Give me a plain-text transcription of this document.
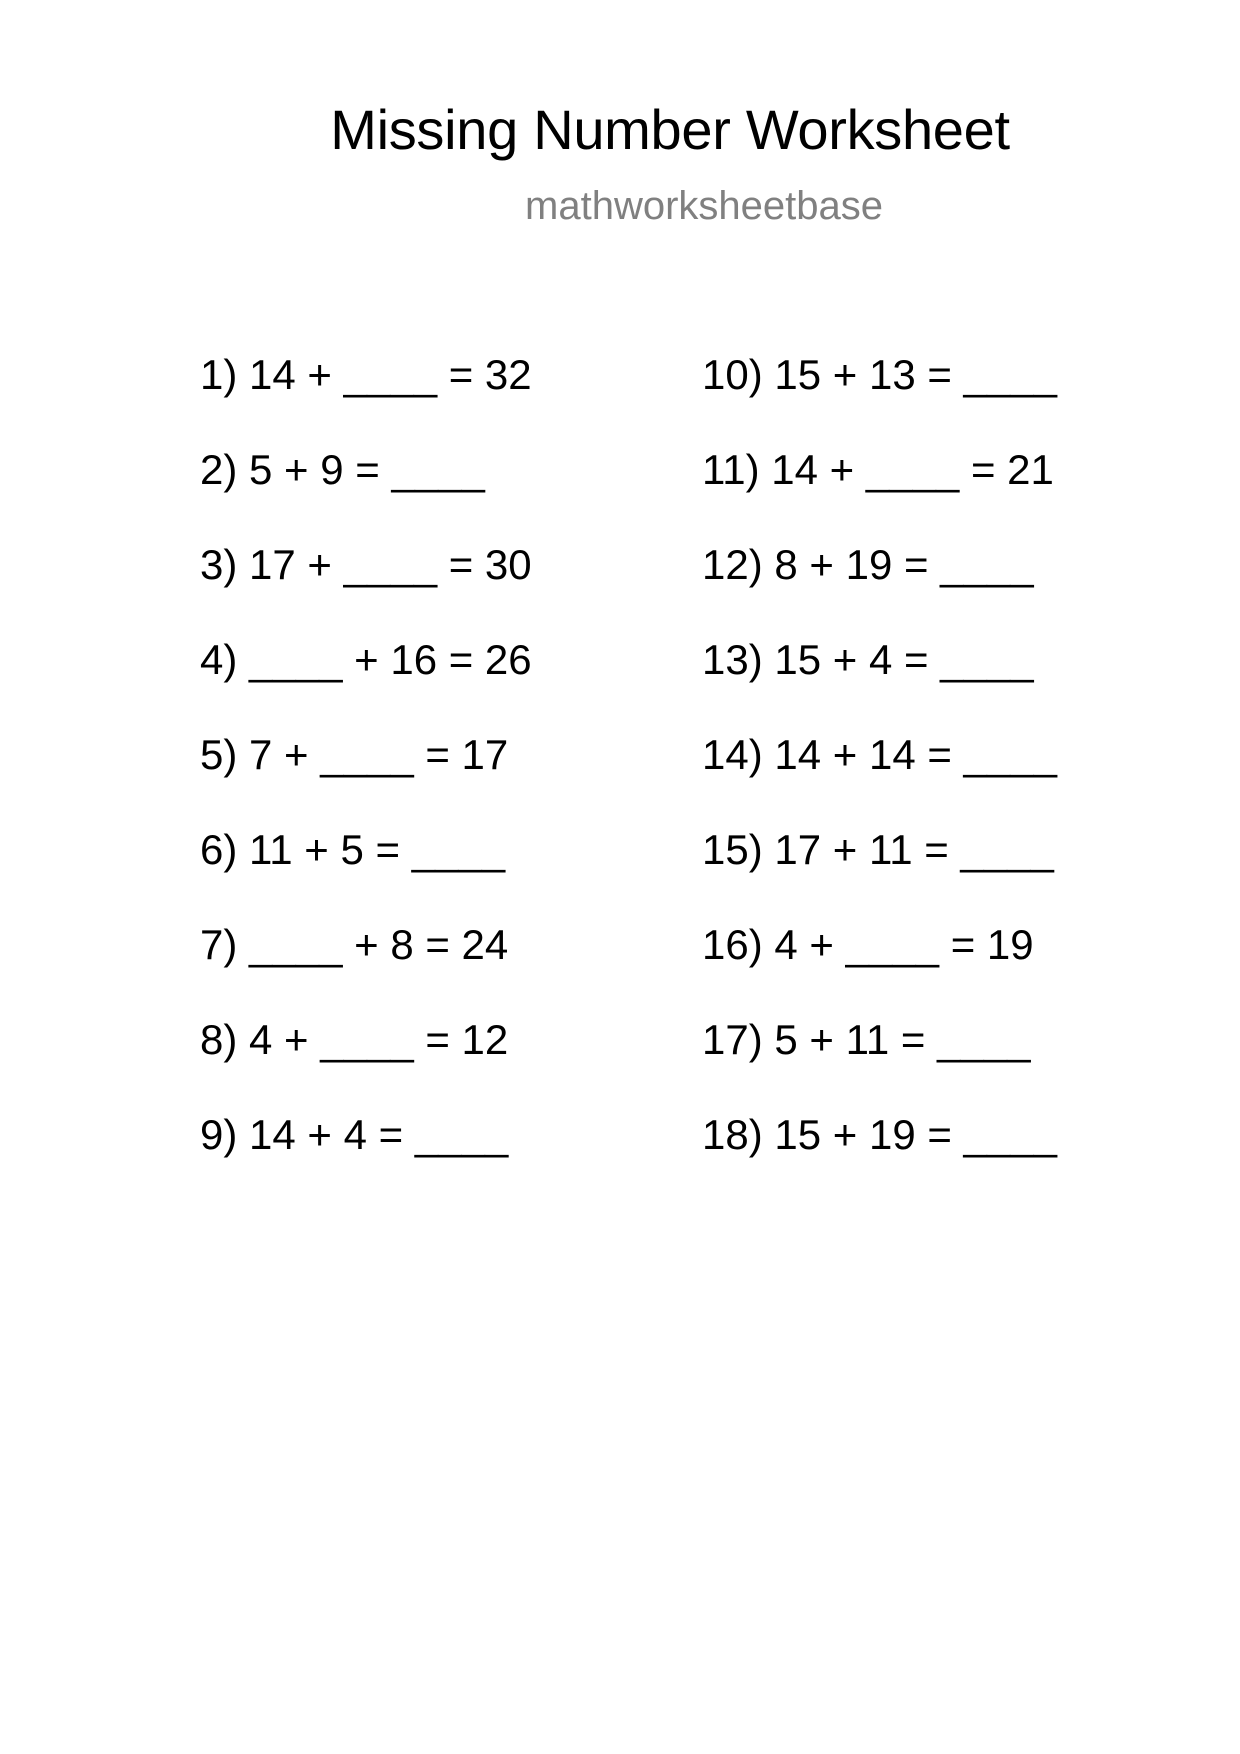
Missing Number Worksheet
mathworksheetbase
1) 14 + ____ = 32
2) 5 + 9 = ____
3) 17 + ____ = 30
4) ____ + 16 = 26
5) 7 + ____ = 17
6) 11 + 5 = ____
7) ____ + 8 = 24
8) 4 + ____ = 12
9) 14 + 4 = ____
10) 15 + 13 = ____
11) 14 + ____ = 21
12) 8 + 19 = ____
13) 15 + 4 = ____
14) 14 + 14 = ____
15) 17 + 11 = ____
16) 4 + ____ = 19
17) 5 + 11 = ____
18) 15 + 19 = ____
